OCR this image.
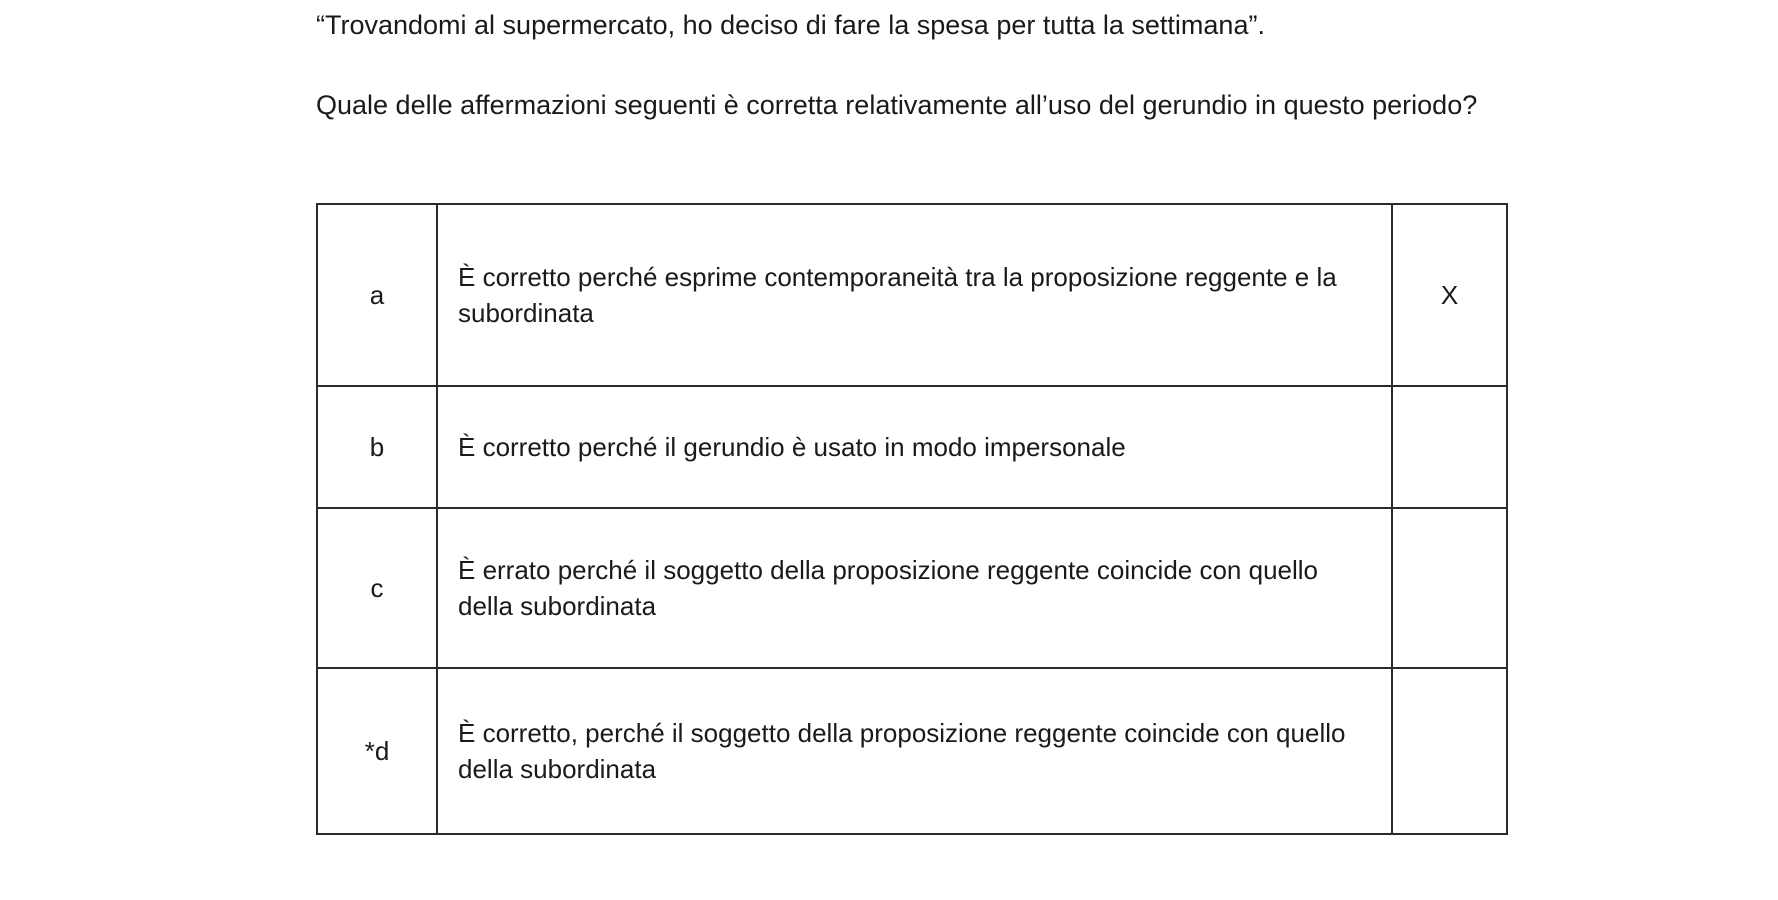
“Trovandomi al supermercato, ho deciso di fare la spesa per tutta la settimana”.
Quale delle affermazioni seguenti è corretta relativamente all’uso del gerundio in questo periodo?
a	È corretto perché esprime contemporaneità tra la proposizione reggente e la subordinata	X
b	È corretto perché il gerundio è usato in modo impersonale	

c	È errato perché il soggetto della proposizione reggente coincide con quello della subordinata	

*d	È corretto, perché il soggetto della proposizione reggente coincide con quello della subordinata	
